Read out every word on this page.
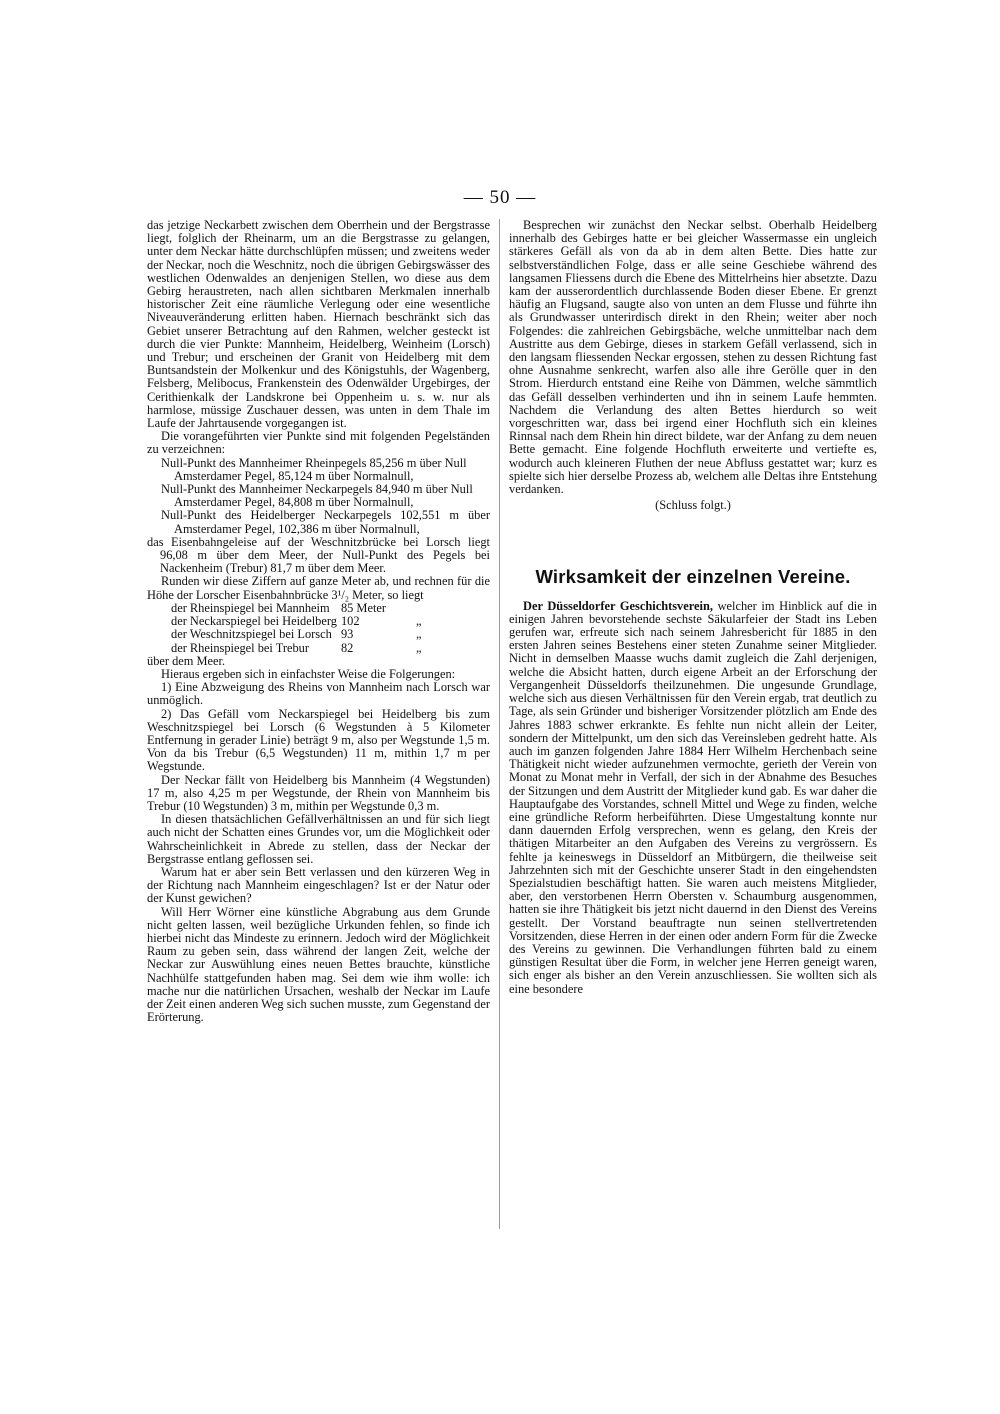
— 50 —

das jetzige Neckarbett zwischen dem Oberrhein und der Bergstrasse liegt, folglich der Rheinarm, um an die Bergstrasse zu gelangen, unter dem Neckar hätte durchschlüpfen müssen; und zweitens weder der Neckar, noch die Weschnitz, noch die übrigen Gebirgswässer des westlichen Odenwaldes an denjenigen Stellen, wo diese aus dem Gebirg heraustreten, nach allen sichtbaren Merkmalen innerhalb historischer Zeit eine räumliche Verlegung oder eine wesentliche Niveauveränderung erlitten haben. Hiernach beschränkt sich das Gebiet unserer Betrachtung auf den Rahmen, welcher gesteckt ist durch die vier Punkte: Mannheim, Heidelberg, Weinheim (Lorsch) und Trebur; und erscheinen der Granit von Heidelberg mit dem Buntsandstein der Molkenkur und des Königstuhls, der Wagenberg, Felsberg, Melibocus, Frankenstein des Odenwälder Urgebirges, der Cerithienkalk der Landskrone bei Oppenheim u. s. w. nur als harmlose, müssige Zuschauer dessen, was unten in dem Thale im Laufe der Jahrtausende vorgegangen ist.

Die vorangeführten vier Punkte sind mit folgenden Pegelständen zu verzeichnen:

Null-Punkt des Mannheimer Rheinpegels 85,256 m über Null

Amsterdamer Pegel, 85,124 m über Normalnull,

Null-Punkt des Mannheimer Neckarpegels 84,940 m über Null

Amsterdamer Pegel, 84,808 m über Normalnull,

Null-Punkt des Heidelberger Neckarpegels 102,551 m über Amsterdamer Pegel, 102,386 m über Normalnull,

das Eisenbahngeleise auf der Weschnitzbrücke bei Lorsch liegt 96,08 m über dem Meer, der Null-Punkt des Pegels bei Nackenheim (Trebur) 81,7 m über dem Meer.

Runden wir diese Ziffern auf ganze Meter ab, und rechnen für die Höhe der Lorscher Eisenbahnbrücke 3¹/₂ Meter, so liegt

der Rheinspiegel bei Mannheim	85 Meter	
der Neckarspiegel bei Heidelberg	102	„
der Weschnitzspiegel bei Lorsch	93	„
der Rheinspiegel bei Trebur	82	„

über dem Meer.

Hieraus ergeben sich in einfachster Weise die Folgerungen:

1) Eine Abzweigung des Rheins von Mannheim nach Lorsch war unmöglich.

2) Das Gefäll vom Neckarspiegel bei Heidelberg bis zum Weschnitzspiegel bei Lorsch (6 Wegstunden à 5 Kilometer Entfernung in gerader Linie) beträgt 9 m, also per Wegstunde 1,5 m. Von da bis Trebur (6,5 Wegstunden) 11 m, mithin 1,7 m per Wegstunde.

Der Neckar fällt von Heidelberg bis Mannheim (4 Wegstunden) 17 m, also 4,25 m per Wegstunde, der Rhein von Mannheim bis Trebur (10 Wegstunden) 3 m, mithin per Wegstunde 0,3 m.

In diesen thatsächlichen Gefällverhältnissen an und für sich liegt auch nicht der Schatten eines Grundes vor, um die Möglichkeit oder Wahrscheinlichkeit in Abrede zu stellen, dass der Neckar der Bergstrasse entlang geflossen sei.

Warum hat er aber sein Bett verlassen und den kürzeren Weg in der Richtung nach Mannheim eingeschlagen? Ist er der Natur oder der Kunst gewichen?

Will Herr Wörner eine künstliche Abgrabung aus dem Grunde nicht gelten lassen, weil bezügliche Urkunden fehlen, so finde ich hierbei nicht das Mindeste zu erinnern. Jedoch wird der Möglichkeit Raum zu geben sein, dass während der langen Zeit, welche der Neckar zur Auswühlung eines neuen Bettes brauchte, künstliche Nachhülfe stattgefunden haben mag. Sei dem wie ihm wolle: ich mache nur die natürlichen Ursachen, weshalb der Neckar im Laufe der Zeit einen anderen Weg sich suchen musste, zum Gegenstand der Erörterung.

Besprechen wir zunächst den Neckar selbst. Oberhalb Heidelberg innerhalb des Gebirges hatte er bei gleicher Wassermasse ein ungleich stärkeres Gefäll als von da ab in dem alten Bette. Dies hatte zur selbstverständlichen Folge, dass er alle seine Geschiebe während des langsamen Fliessens durch die Ebene des Mittelrheins hier absetzte. Dazu kam der ausserordentlich durchlassende Boden dieser Ebene. Er grenzt häufig an Flugsand, saugte also von unten an dem Flusse und führte ihn als Grundwasser unterirdisch direkt in den Rhein; weiter aber noch Folgendes: die zahlreichen Gebirgsbäche, welche unmittelbar nach dem Austritte aus dem Gebirge, dieses in starkem Gefäll verlassend, sich in den langsam fliessenden Neckar ergossen, stehen zu dessen Richtung fast ohne Ausnahme senkrecht, warfen also alle ihre Gerölle quer in den Strom. Hierdurch entstand eine Reihe von Dämmen, welche sämmtlich das Gefäll desselben verhinderten und ihn in seinem Laufe hemmten. Nachdem die Verlandung des alten Bettes hierdurch so weit vorgeschritten war, dass bei irgend einer Hochfluth sich ein kleines Rinnsal nach dem Rhein hin direct bildete, war der Anfang zu dem neuen Bette gemacht. Eine folgende Hochfluth erweiterte und vertiefte es, wodurch auch kleineren Fluthen der neue Abfluss gestattet war; kurz es spielte sich hier derselbe Prozess ab, welchem alle Deltas ihre Entstehung verdanken.

(Schluss folgt.)

Wirksamkeit der einzelnen Vereine.

Der Düsseldorfer Geschichtsverein, welcher im Hinblick auf die in einigen Jahren bevorstehende sechste Säkularfeier der Stadt ins Leben gerufen war, erfreute sich nach seinem Jahresbericht für 1885 in den ersten Jahren seines Bestehens einer steten Zunahme seiner Mitglieder. Nicht in demselben Maasse wuchs damit zugleich die Zahl derjenigen, welche die Absicht hatten, durch eigene Arbeit an der Erforschung der Vergangenheit Düsseldorfs theilzunehmen. Die ungesunde Grundlage, welche sich aus diesen Verhältnissen für den Verein ergab, trat deutlich zu Tage, als sein Gründer und bisheriger Vorsitzender plötzlich am Ende des Jahres 1883 schwer erkrankte. Es fehlte nun nicht allein der Leiter, sondern der Mittelpunkt, um den sich das Vereinsleben gedreht hatte. Als auch im ganzen folgenden Jahre 1884 Herr Wilhelm Herchenbach seine Thätigkeit nicht wieder aufzunehmen vermochte, gerieth der Verein von Monat zu Monat mehr in Verfall, der sich in der Abnahme des Besuches der Sitzungen und dem Austritt der Mitglieder kund gab. Es war daher die Hauptaufgabe des Vorstandes, schnell Mittel und Wege zu finden, welche eine gründliche Reform herbeiführten. Diese Umgestaltung konnte nur dann dauernden Erfolg versprechen, wenn es gelang, den Kreis der thätigen Mitarbeiter an den Aufgaben des Vereins zu vergrössern. Es fehlte ja keineswegs in Düsseldorf an Mitbürgern, die theilweise seit Jahrzehnten sich mit der Geschichte unserer Stadt in den eingehendsten Spezialstudien beschäftigt hatten. Sie waren auch meistens Mitglieder, aber, den verstorbenen Herrn Obersten v. Schaumburg ausgenommen, hatten sie ihre Thätigkeit bis jetzt nicht dauernd in den Dienst des Vereins gestellt. Der Vorstand beauftragte nun seinen stellvertretenden Vorsitzenden, diese Herren in der einen oder andern Form für die Zwecke des Vereins zu gewinnen. Die Verhandlungen führten bald zu einem günstigen Resultat über die Form, in welcher jene Herren geneigt waren, sich enger als bisher an den Verein anzuschliessen. Sie wollten sich als eine besondere
